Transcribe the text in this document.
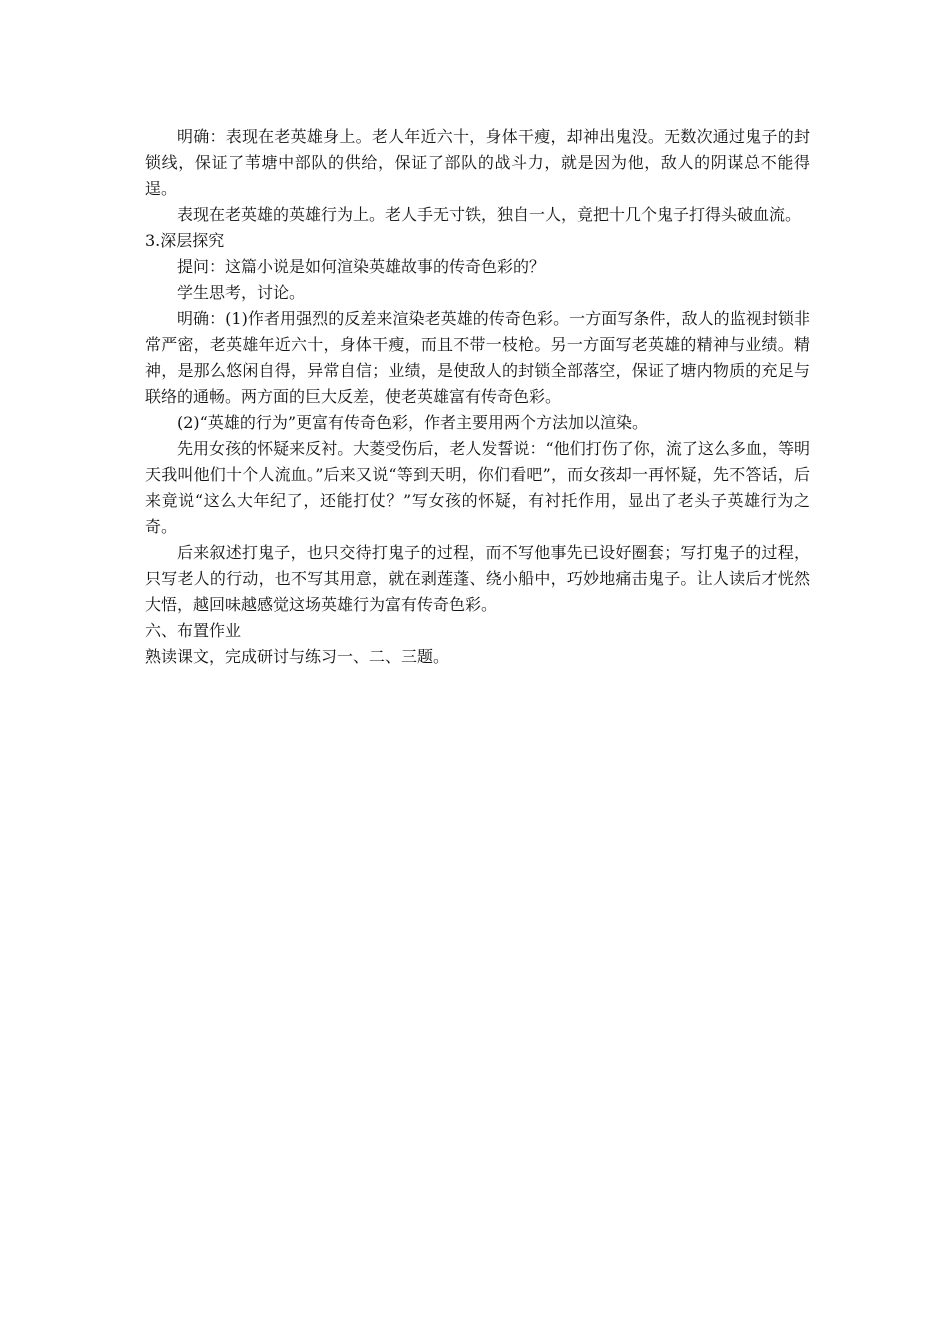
明确：表现在老英雄身上。老人年近六十，身体干瘦，却神出鬼没。无数次通过鬼子的封锁线，保证了苇塘中部队的供给，保证了部队的战斗力，就是因为他，敌人的阴谋总不能得逞。

表现在老英雄的英雄行为上。老人手无寸铁，独自一人，竟把十几个鬼子打得头破血流。

3.深层探究

提问：这篇小说是如何渲染英雄故事的传奇色彩的？

学生思考，讨论。

明确：(1)作者用强烈的反差来渲染老英雄的传奇色彩。一方面写条件，敌人的监视封锁非常严密，老英雄年近六十，身体干瘦，而且不带一枝枪。另一方面写老英雄的精神与业绩。精神，是那么悠闲自得，异常自信；业绩，是使敌人的封锁全部落空，保证了塘内物质的充足与联络的通畅。两方面的巨大反差，使老英雄富有传奇色彩。

(2)“英雄的行为”更富有传奇色彩，作者主要用两个方法加以渲染。

先用女孩的怀疑来反衬。大菱受伤后，老人发誓说：“他们打伤了你，流了这么多血，等明天我叫他们十个人流血。”后来又说“等到天明，你们看吧”，而女孩却一再怀疑，先不答话，后来竟说“这么大年纪了，还能打仗？”写女孩的怀疑，有衬托作用，显出了老头子英雄行为之奇。

后来叙述打鬼子，也只交待打鬼子的过程，而不写他事先已设好圈套；写打鬼子的过程，只写老人的行动，也不写其用意，就在剥莲蓬、绕小船中，巧妙地痛击鬼子。让人读后才恍然大悟，越回味越感觉这场英雄行为富有传奇色彩。

六、布置作业

熟读课文，完成研讨与练习一、二、三题。
